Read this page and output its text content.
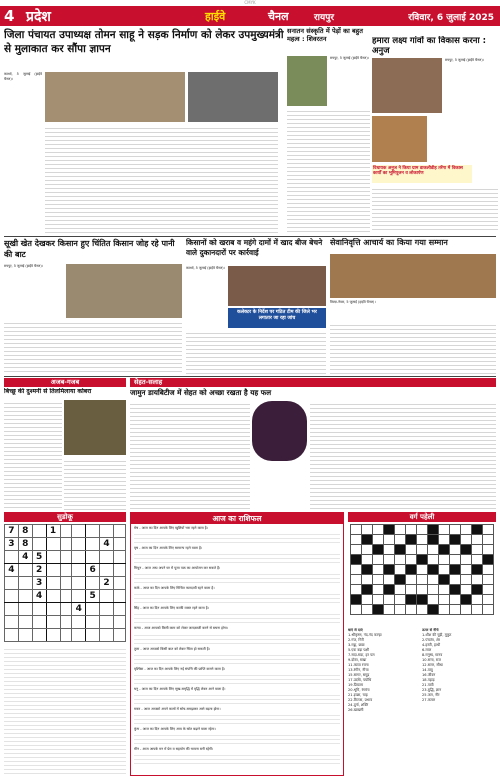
CMYK
4 प्रदेश	हाईवे	चैनल	रायपुर	रविवार, 6 जुलाई 2025
जिला पंचायत उपाध्यक्ष तोमन साहू ने सड़क निर्माण को लेकर उपमुख्यमंत्री से मुलाकात कर सौंपा ज्ञापन
कवर्धा, 5 जुलाई (हाईवे चैनल)।
सनातन संस्कृति में पेड़ों का बहुत महत्व : शिवरतन
रायपुर, 5 जुलाई (हाईवे चैनल)।
हमारा लक्ष्य गांवों का विकास करना : अनुज
रायपुर, 5 जुलाई (हाईवे चैनल)।
विधायक अनुज ने किया ग्राम डाकलीडीह तरेंगा में विकास कार्यों का भूमिपूजन व लोकार्पण
सूखी खेत देखकर किसान हुए चिंतित किसान जोह रहे पानी की बाट
रायपुर, 5 जुलाई (हाईवे चैनल)।
किसानों को खराब व महंगे दामों में खाद बीज बेचने वाले दुकानदारों पर कार्रवाई
कवर्धा, 5 जुलाई (हाईवे चैनल)।
कलेक्टर के निर्देश पर गठित टीम की जिले भर लगातार जा रहा जांच
सेवानिवृत्ति आचार्य का किया गया सम्मान
तिल्दा-नेवरा, 5 जुलाई (हाईवे चैनल)।
अजब-गजब
बिच्छू की दुश्मनी से तिलमिलाया कोबरा
सेहत-सलाह
जामुन डायबिटीज में सेहत को अच्छा रखता है यह फल
सुडोकू
7	8		1					
3	8						4	
	4	5						
4		2				6		
		3					2	
		4				5		
					4			

आज का राशिफल
मेष - आज का दिन आपके लिए खुशियों भरा रहने वाला है।
वृष - आज का दिन आपके लिए सामान्य रहने वाला है।
मिथुन - आज आप अपने घर में पूजा पाठ का आयोजन कर सकते हैं।
कर्क - आज का दिन आपके लिए मिश्रित फलदायी रहने वाला है।
सिंह - आज का दिन आपके लिए काफी व्यस्त रहने वाला है।
कन्या - आज आपको किसी काम को लेकर जल्दबाजी करने से बचना होगा।
तुला - आज आपको किसी बात को लेकर चिंता हो सकती है।
वृश्चिक - आज का दिन आपके लिए नई संपत्ति की प्राप्ति कराने वाला है।
धनु - आज का दिन आपके लिए सुख-समृद्धि में वृद्धि लेकर आने वाला है।
मकर - आज आपको अपने कामों में सोच-समझकर आगे बढ़ना होगा।
कुंभ - आज का दिन आपके लिए आय के स्रोत बढ़ाने वाला रहेगा।
मीन - आज आपके मन में प्रेम व सहयोग की भावना बनी रहेगी।
वर्ग पहेली

बाएं से दाएं
1.श्रीकृष्ण, नंद-नंद कान्हा
2.गंज, गिरी
3.मट्ठा, छाछ
5.एक बड़ा पक्षी
7.सदा-सदा, हर पल
9.दोस्त, सखा
11.काव्य रचना
13.रंगीन, नीचा
15.सागर, समुद्र
17.उदधि, पयोधि
19.प्रियतम
20.भूमि, रंगमंच
21.इच्छा, चाह
22.बिज्जा, प्रभाव
24.दुर्गा, शक्ति
26.खाखनी
ऊपर से नीचे
1.शीश की चूड़ी, मुकुट
2.पंचतंत्र, शेर
4.हस्ती, हाथी
6.लाल
8.मनुष्य, मानव
10.सत्ता, राज
12.सरल, सीधा
14.वायु
16.जीवन
18.पहाड़
21.पावी
23.बुद्धि, ज्ञान
25.जल, नीर
27.कमल
